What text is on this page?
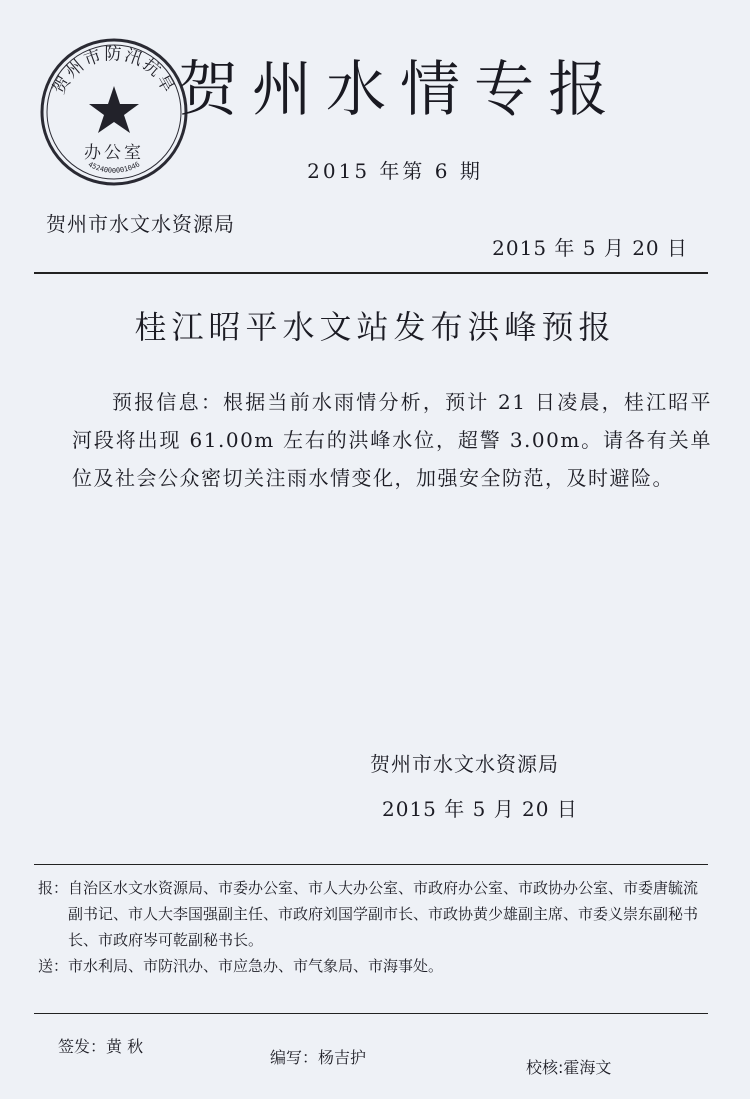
贺州市防汛抗旱
办公室
4524000001046
贺州水情专报
2015 年第 6 期
贺州市水文水资源局
2015 年 5 月 20 日
桂江昭平水文站发布洪峰预报
预报信息：根据当前水雨情分析，预计 21 日凌晨，桂江昭平河段将出现 61.00m 左右的洪峰水位，超警 3.00m。请各有关单位及社会公众密切关注雨水情变化，加强安全防范，及时避险。
贺州市水文水资源局
2015 年 5 月 20 日
报： 自治区水文水资源局、市委办公室、市人大办公室、市政府办公室、市政协办公室、市委唐毓流副书记、市人大李国强副主任、市政府刘国学副市长、市政协黄少雄副主席、市委义崇东副秘书长、市政府岑可乾副秘书长。
送： 市水利局、市防汛办、市应急办、市气象局、市海事处。
签发：黄 秋
编写：杨吉护
校核:霍海文
